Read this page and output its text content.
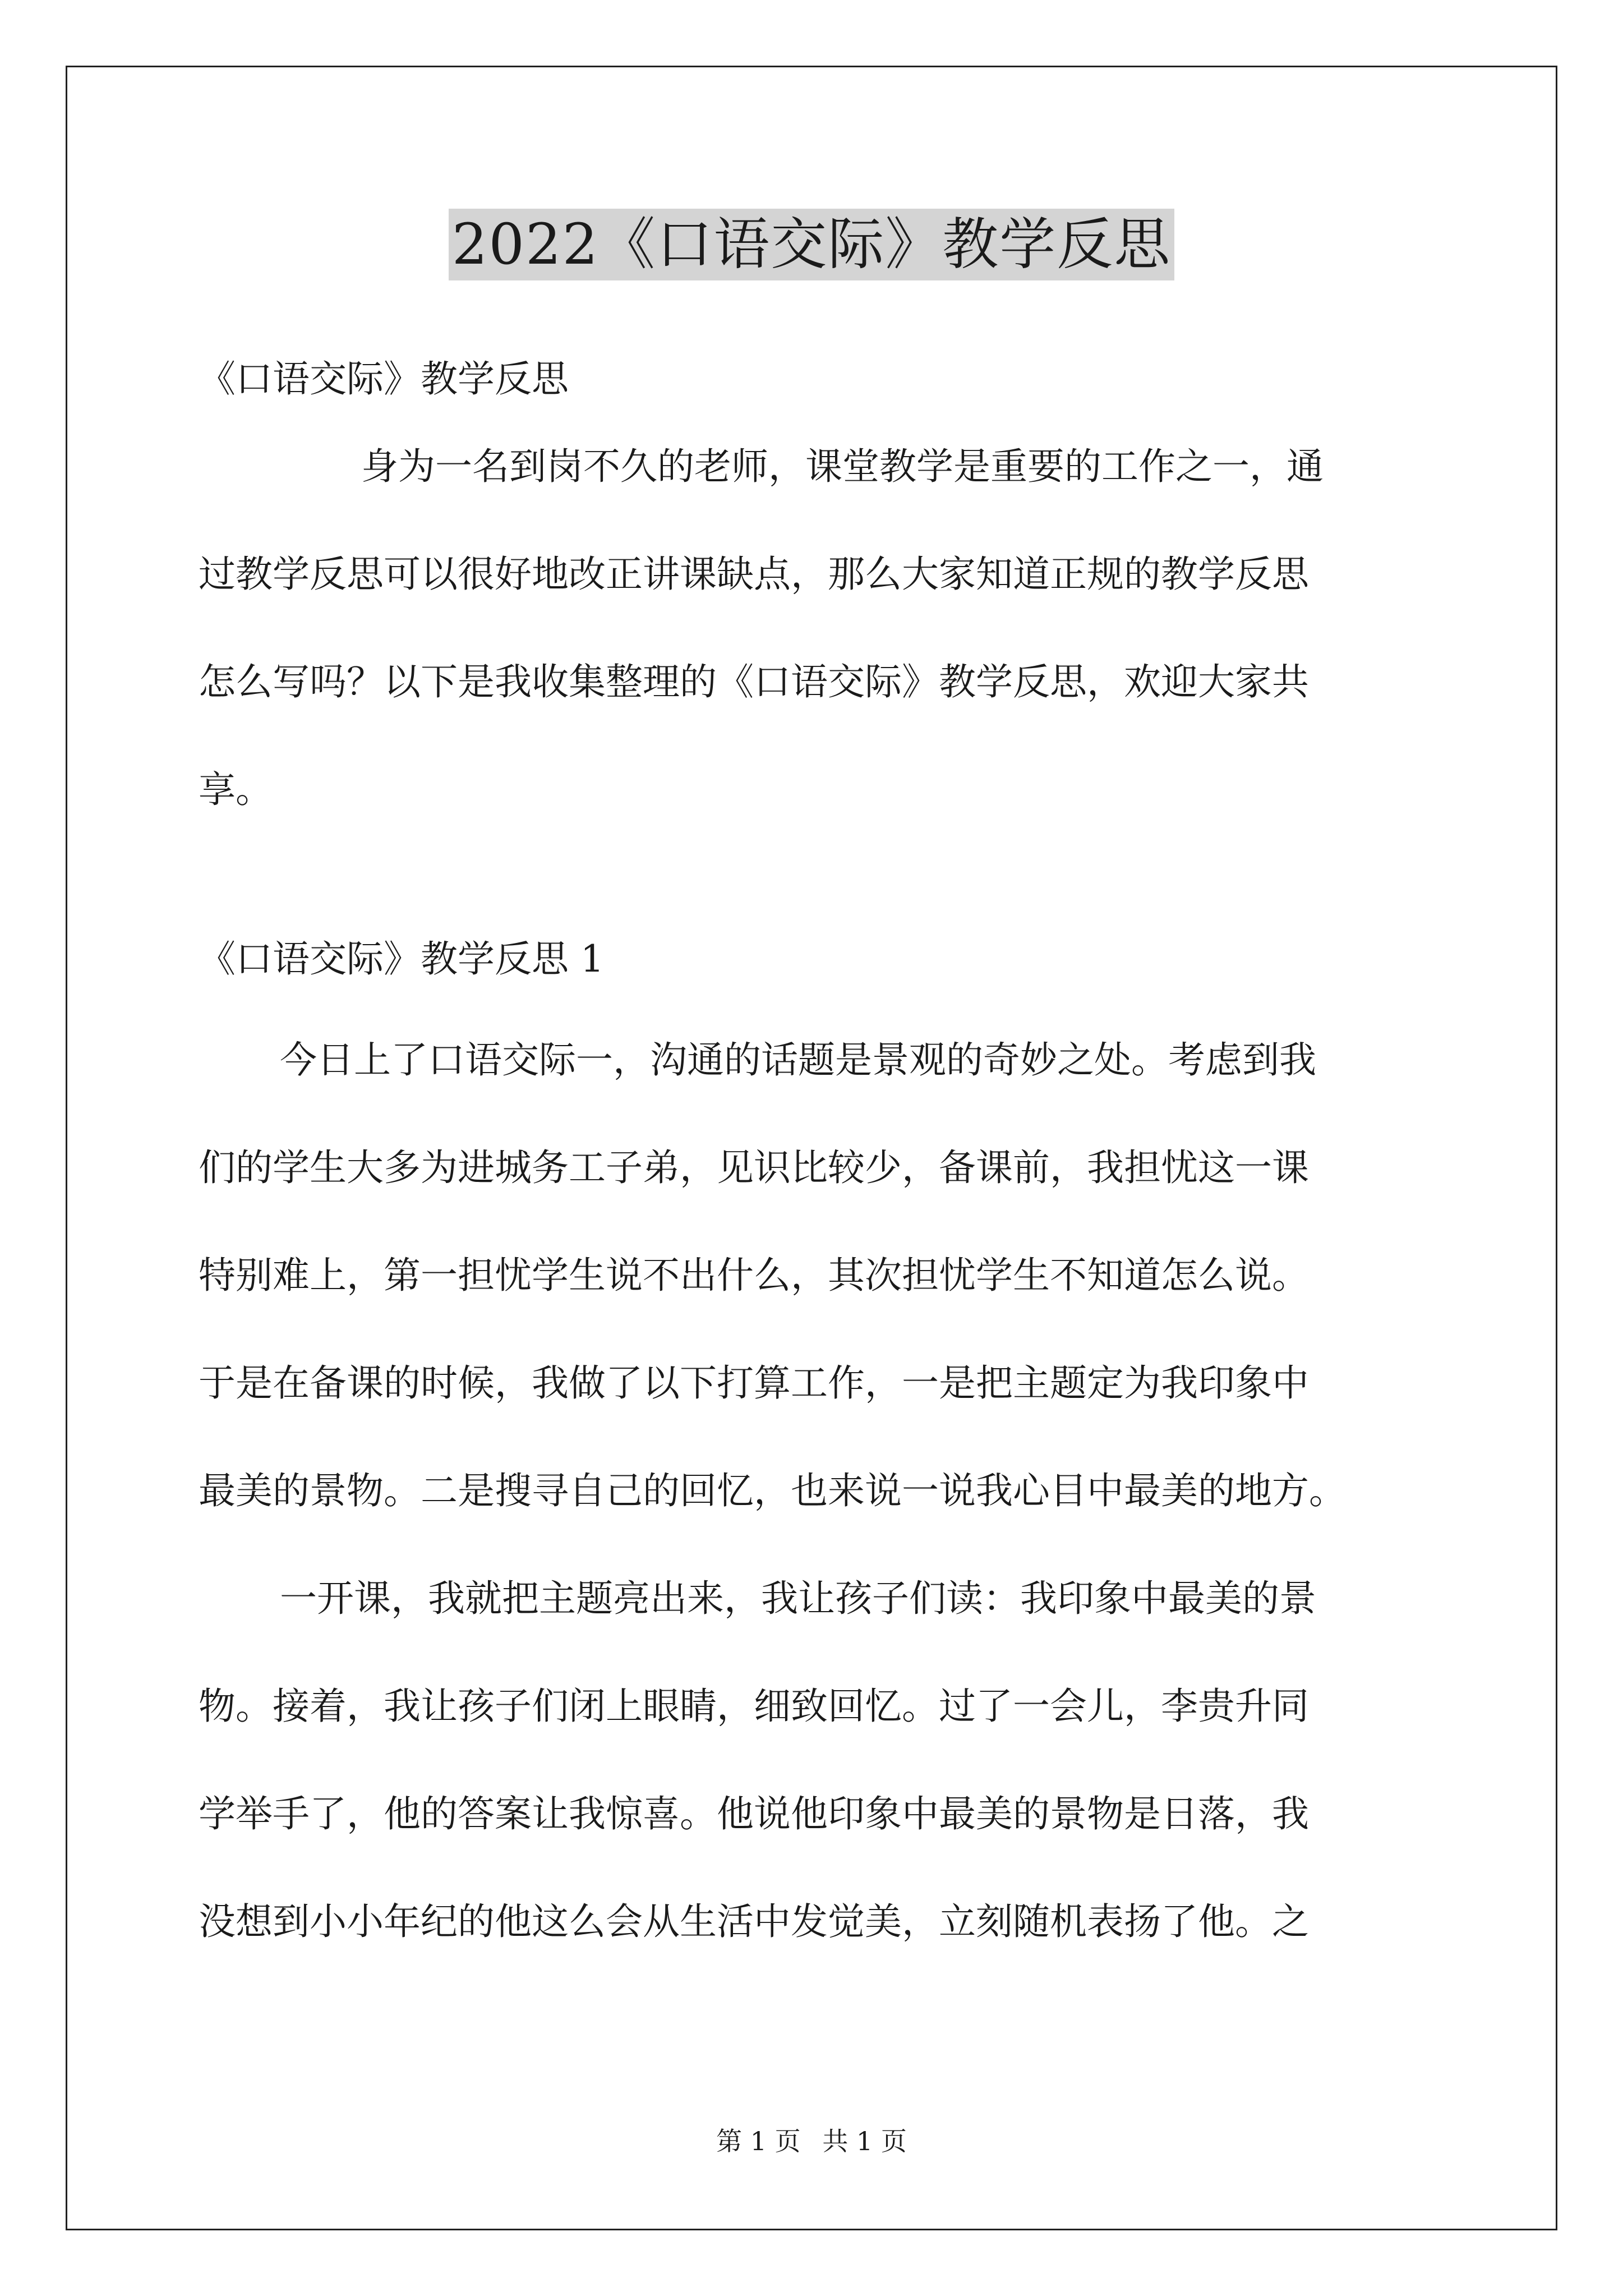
2022《口语交际》教学反思
《口语交际》教学反思
身为一名到岗不久的老师，课堂教学是重要的工作之一，通
过教学反思可以很好地改正讲课缺点，那么大家知道正规的教学反思
怎么写吗？以下是我收集整理的《口语交际》教学反思，欢迎大家共
享。
《口语交际》教学反思 1
今日上了口语交际一，沟通的话题是景观的奇妙之处。考虑到我
们的学生大多为进城务工子弟，见识比较少，备课前，我担忧这一课
特别难上，第一担忧学生说不出什么，其次担忧学生不知道怎么说。
于是在备课的时候，我做了以下打算工作，一是把主题定为我印象中
最美的景物。二是搜寻自己的回忆，也来说一说我心目中最美的地方。
一开课，我就把主题亮出来，我让孩子们读：我印象中最美的景
物。接着，我让孩子们闭上眼睛，细致回忆。过了一会儿，李贵升同
学举手了，他的答案让我惊喜。他说他印象中最美的景物是日落，我
没想到小小年纪的他这么会从生活中发觉美，立刻随机表扬了他。之
第 1 页 共 1 页
